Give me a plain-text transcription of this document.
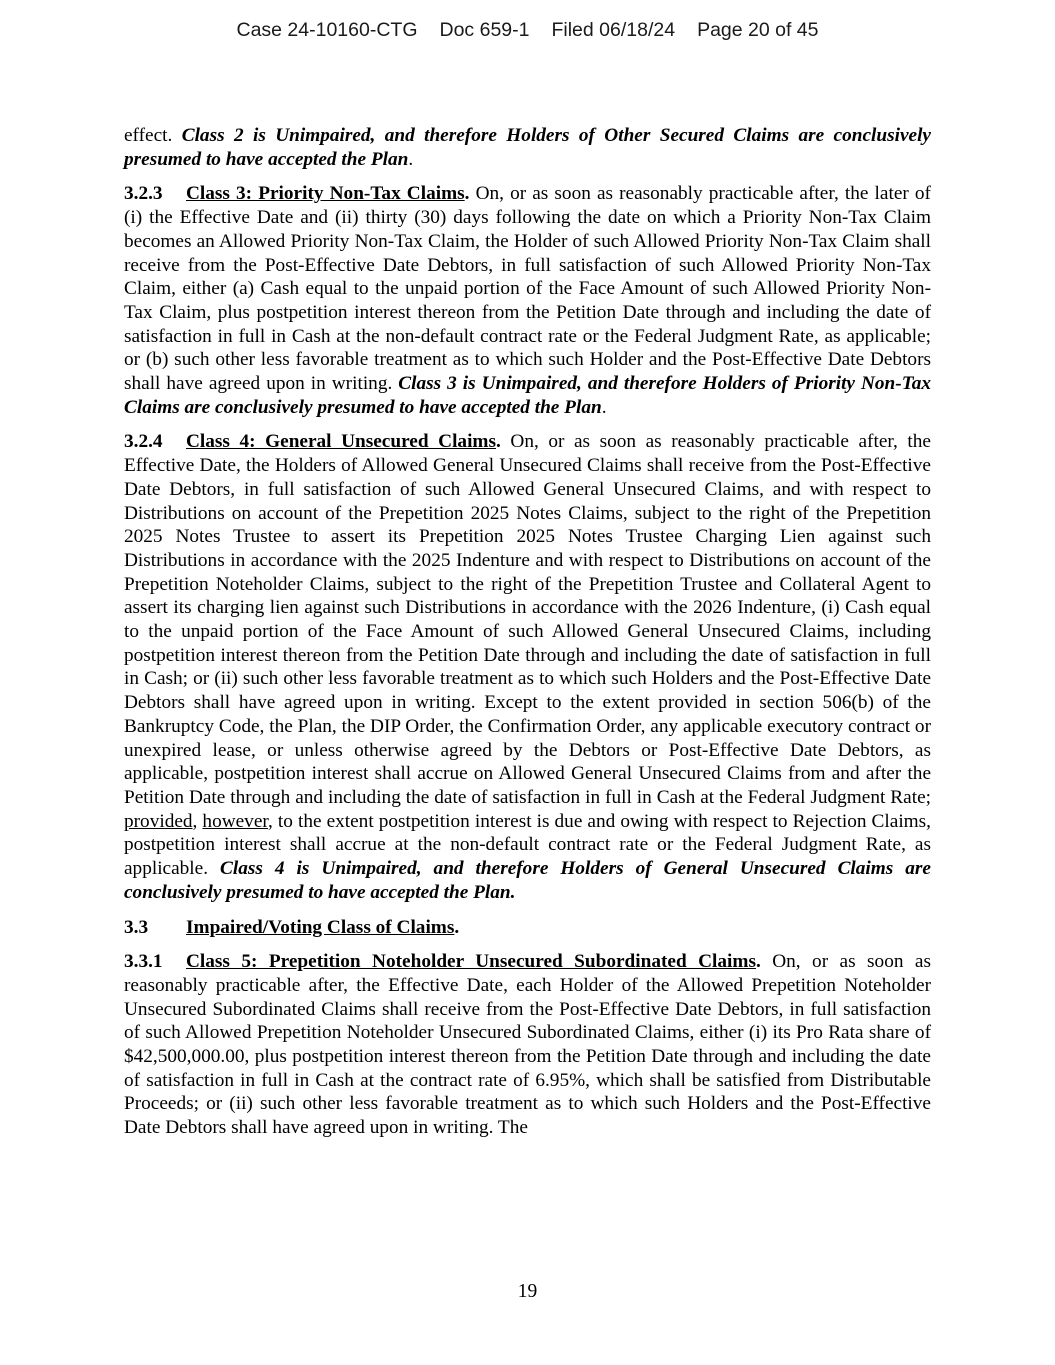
Case 24-10160-CTG Doc 659-1 Filed 06/18/24 Page 20 of 45

effect. Class 2 is Unimpaired, and therefore Holders of Other Secured Claims are conclusively presumed to have accepted the Plan.

3.2.3 Class 3: Priority Non-Tax Claims. On, or as soon as reasonably practicable after, the later of (i) the Effective Date and (ii) thirty (30) days following the date on which a Priority Non-Tax Claim becomes an Allowed Priority Non-Tax Claim, the Holder of such Allowed Priority Non-Tax Claim shall receive from the Post-Effective Date Debtors, in full satisfaction of such Allowed Priority Non-Tax Claim, either (a) Cash equal to the unpaid portion of the Face Amount of such Allowed Priority Non-Tax Claim, plus postpetition interest thereon from the Petition Date through and including the date of satisfaction in full in Cash at the non-default contract rate or the Federal Judgment Rate, as applicable; or (b) such other less favorable treatment as to which such Holder and the Post-Effective Date Debtors shall have agreed upon in writing. Class 3 is Unimpaired, and therefore Holders of Priority Non-Tax Claims are conclusively presumed to have accepted the Plan.

3.2.4 Class 4: General Unsecured Claims. On, or as soon as reasonably practicable after, the Effective Date, the Holders of Allowed General Unsecured Claims shall receive from the Post-Effective Date Debtors, in full satisfaction of such Allowed General Unsecured Claims, and with respect to Distributions on account of the Prepetition 2025 Notes Claims, subject to the right of the Prepetition 2025 Notes Trustee to assert its Prepetition 2025 Notes Trustee Charging Lien against such Distributions in accordance with the 2025 Indenture and with respect to Distributions on account of the Prepetition Noteholder Claims, subject to the right of the Prepetition Trustee and Collateral Agent to assert its charging lien against such Distributions in accordance with the 2026 Indenture, (i) Cash equal to the unpaid portion of the Face Amount of such Allowed General Unsecured Claims, including postpetition interest thereon from the Petition Date through and including the date of satisfaction in full in Cash; or (ii) such other less favorable treatment as to which such Holders and the Post-Effective Date Debtors shall have agreed upon in writing. Except to the extent provided in section 506(b) of the Bankruptcy Code, the Plan, the DIP Order, the Confirmation Order, any applicable executory contract or unexpired lease, or unless otherwise agreed by the Debtors or Post-Effective Date Debtors, as applicable, postpetition interest shall accrue on Allowed General Unsecured Claims from and after the Petition Date through and including the date of satisfaction in full in Cash at the Federal Judgment Rate; provided, however, to the extent postpetition interest is due and owing with respect to Rejection Claims, postpetition interest shall accrue at the non-default contract rate or the Federal Judgment Rate, as applicable. Class 4 is Unimpaired, and therefore Holders of General Unsecured Claims are conclusively presumed to have accepted the Plan.

3.3 Impaired/Voting Class of Claims.

3.3.1 Class 5: Prepetition Noteholder Unsecured Subordinated Claims. On, or as soon as reasonably practicable after, the Effective Date, each Holder of the Allowed Prepetition Noteholder Unsecured Subordinated Claims shall receive from the Post-Effective Date Debtors, in full satisfaction of such Allowed Prepetition Noteholder Unsecured Subordinated Claims, either (i) its Pro Rata share of $42,500,000.00, plus postpetition interest thereon from the Petition Date through and including the date of satisfaction in full in Cash at the contract rate of 6.95%, which shall be satisfied from Distributable Proceeds; or (ii) such other less favorable treatment as to which such Holders and the Post-Effective Date Debtors shall have agreed upon in writing. The

19
